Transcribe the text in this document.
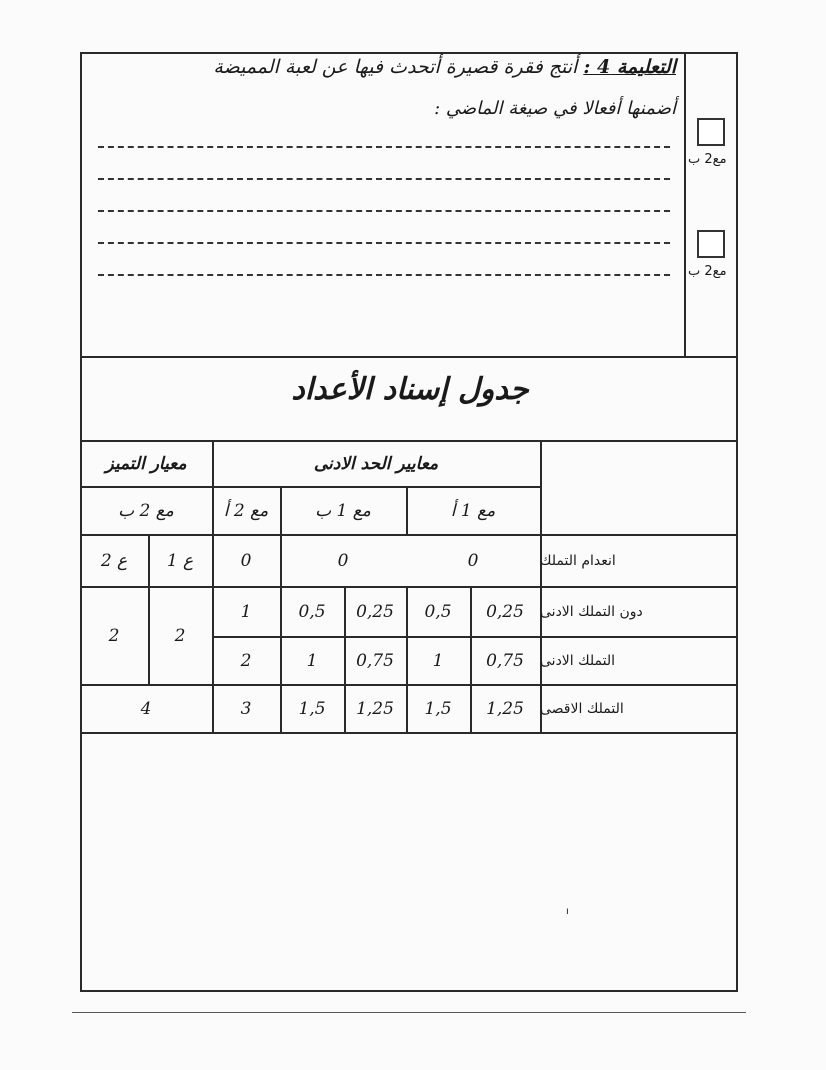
التعليمة 4 : أنتج فقرة قصيرة أتحدث فيها عن لعبة المميضة
أضمنها أفعالا في صيغة الماضي :
مع2 ب
مع2 ب
جدول إسناد الأعداد
معايير الحد الادنى
معيار التميز
مع 1 أ
مع 1 ب
مع 2 أ
مع 2 ب
انعدام التملك
0
0
0
ع 1
ع 2
دون التملك الادنى
0,25
0,5
0,25
0,5
1
2
2
التملك الادنى
0,75
1
0,75
1
2
التملك الاقصى
1,25
1,5
1,25
1,5
3
4
ı
